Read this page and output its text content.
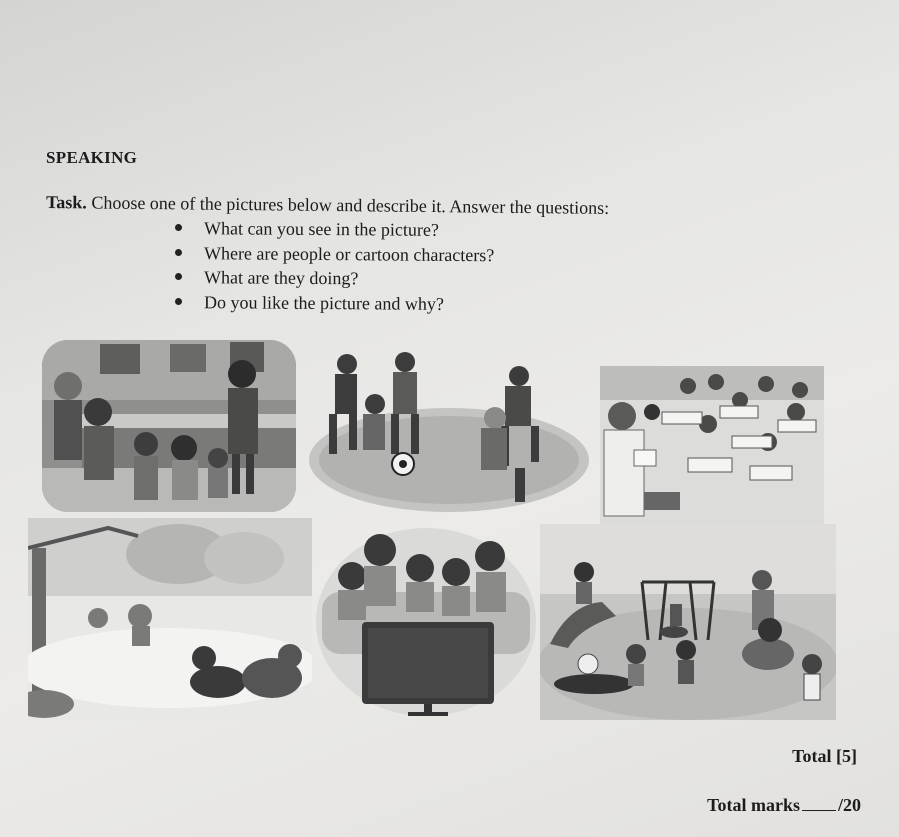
SPEAKING
Task. Choose one of the pictures below and describe it. Answer the questions:
What can you see in the picture?
Where are people or cartoon characters?
What are they doing?
Do you like the picture and why?
Total [5]
Total marks /20
